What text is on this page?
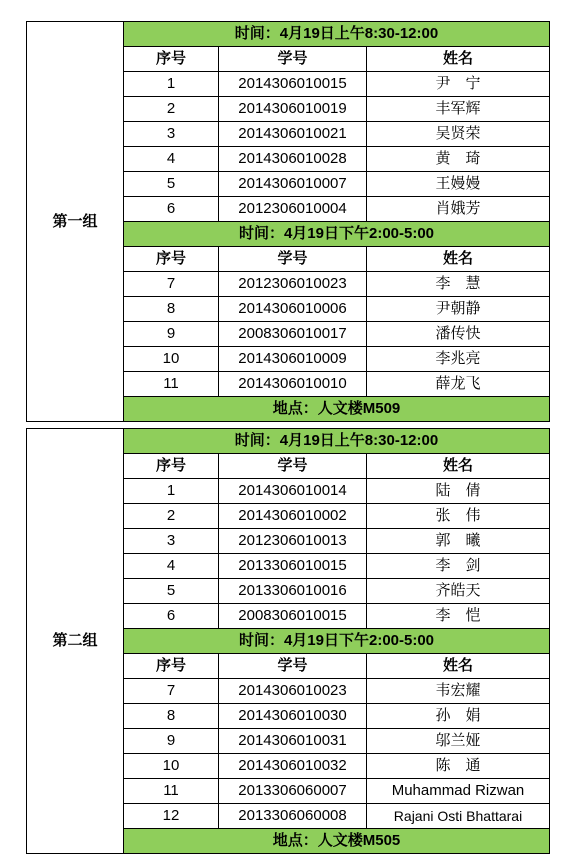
第一组	时间：4月19日上午8:30-12:00		
	序号	学号	姓名
	1	2014306010015	尹　宁
	2	2014306010019	丰军辉
	3	2014306010021	吴贤荣
	4	2014306010028	黄　琦
	5	2014306010007	王嫚嫚
	6	2012306010004	肖娥芳
	时间：4月19日下午2:00-5:00		
	序号	学号	姓名
	7	2012306010023	李　慧
	8	2014306010006	尹朝静
	9	2008306010017	潘传快
	10	2014306010009	李兆亮
	11	2014306010010	薛龙飞
	地点：人文楼M509		
第二组	时间：4月19日上午8:30-12:00		
	序号	学号	姓名
	1	2014306010014	陆　倩
	2	2014306010002	张　伟
	3	2012306010013	郭　曦
	4	2013306010015	李　剑
	5	2013306010016	齐皓天
	6	2008306010015	李　恺
	时间：4月19日下午2:00-5:00		
	序号	学号	姓名
	7	2014306010023	韦宏耀
	8	2014306010030	孙　娟
	9	2014306010031	邬兰娅
	10	2014306010032	陈　通
	11	2013306060007	Muhammad Rizwan
	12	2013306060008	Rajani Osti Bhattarai
	地点：人文楼M505		
